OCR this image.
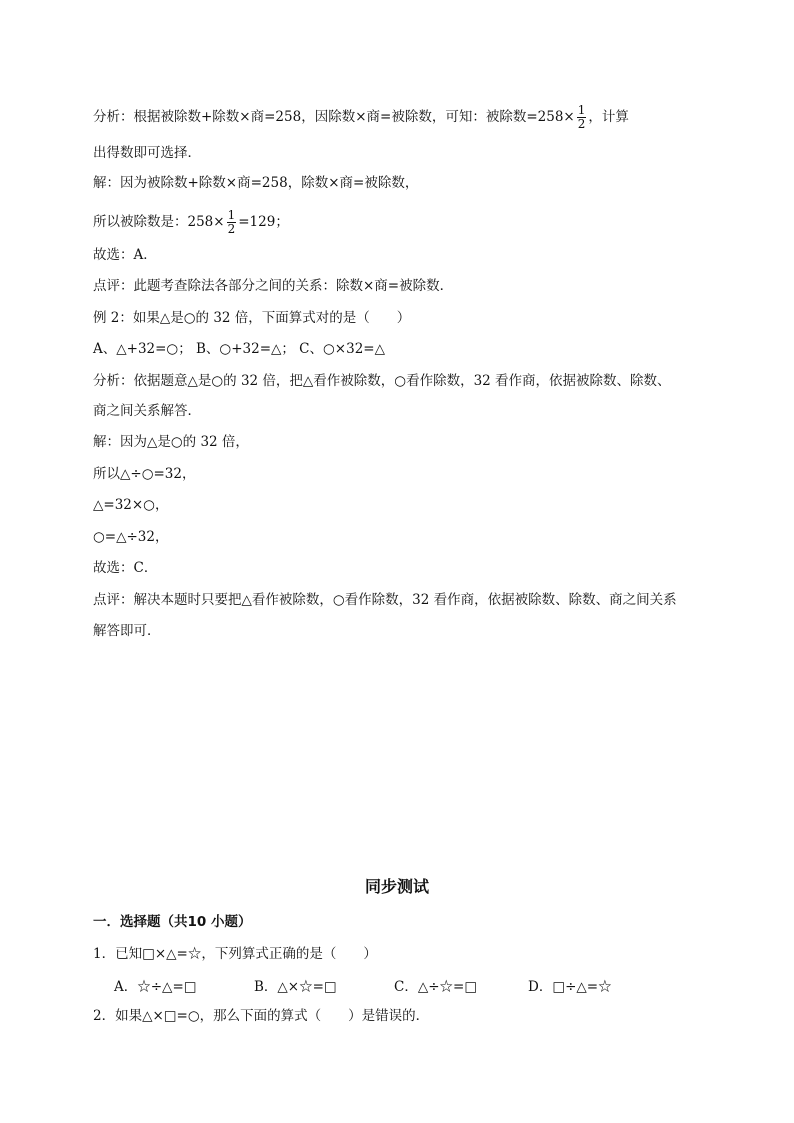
分析：根据被除数+除数×商=258，因除数×商=被除数，可知：被除数$=258\times \frac{1}{2}$ ，计算
出得数即可选择．
解：因为被除数+除数×商=258，除数×商=被除数，
所以被除数是：$258\times \frac{1}{2} =129$；
故选：A．
点评：此题考查除法各部分之间的关系：除数×商=被除数．
例 2：如果△是○的 32 倍，下面算式对的是（　　）
A、△+32=○； B、○+32=△； C、○×32=△
分析：依据题意△是○的 32 倍，把△看作被除数，○看作除数，32 看作商，依据被除数、除数、
商之间关系解答．
解：因为△是○的 32 倍，
所以△÷○=32，
△=32×○，
○=△÷32，
故选：C．
点评：解决本题时只要把△看作被除数，○看作除数，32 看作商，依据被除数、除数、商之间关系
解答即可．
同步测试
一．选择题（共10 小题）
1．已知□×△=☆，下列算式正确的是（　　）
A．☆÷△=□	B．△×☆=□	C．△÷☆=□	D．□÷△=☆
2．如果△×□=○，那么下面的算式（　　）是错误的．
